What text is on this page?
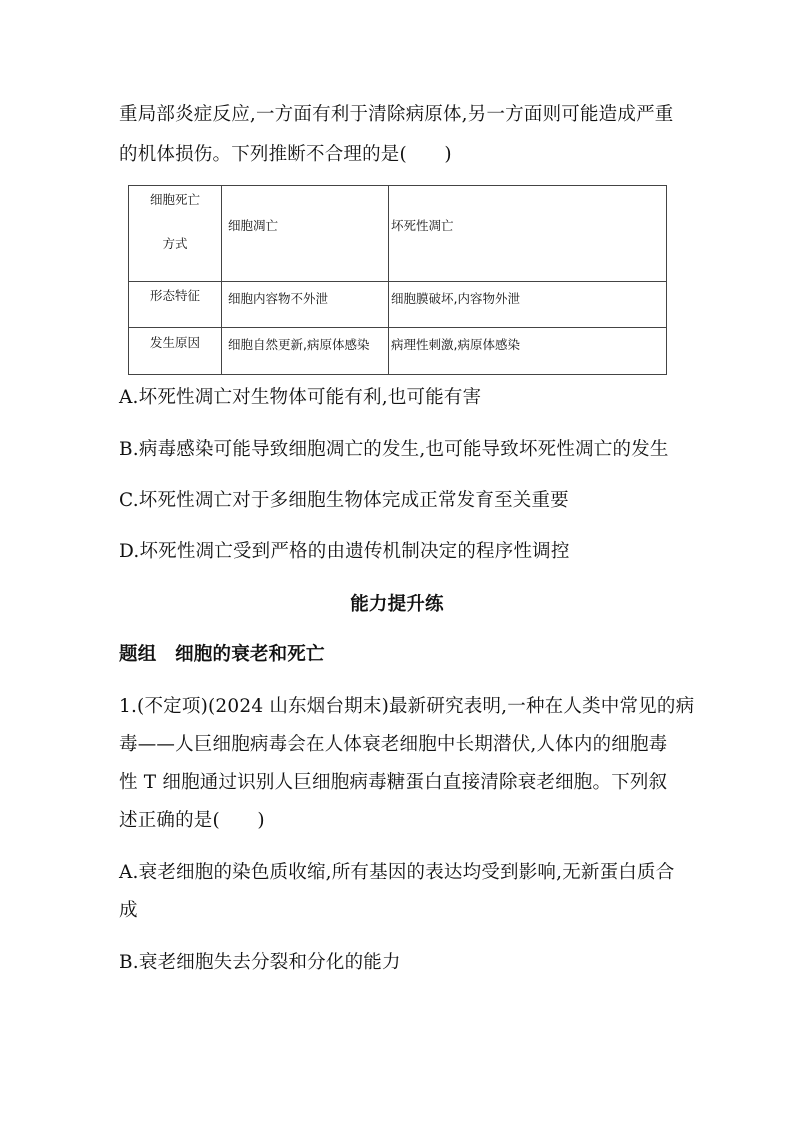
重局部炎症反应,一方面有利于清除病原体,另一方面则可能造成严重
的机体损伤。下列推断不合理的是(　　)
细胞死亡
方式	细胞凋亡	坏死性凋亡

形态特征	细胞内容物不外泄	细胞膜破坏,内容物外泄

发生原因	细胞自然更新,病原体感染	病理性刺激,病原体感染
A.坏死性凋亡对生物体可能有利,也可能有害
B.病毒感染可能导致细胞凋亡的发生,也可能导致坏死性凋亡的发生
C.坏死性凋亡对于多细胞生物体完成正常发育至关重要
D.坏死性凋亡受到严格的由遗传机制决定的程序性调控
能力提升练
题组　细胞的衰老和死亡
1.(不定项)(2024 山东烟台期末)最新研究表明,一种在人类中常见的病
毒——人巨细胞病毒会在人体衰老细胞中长期潜伏,人体内的细胞毒
性 T 细胞通过识别人巨细胞病毒糖蛋白直接清除衰老细胞。下列叙
述正确的是(　　)
A.衰老细胞的染色质收缩,所有基因的表达均受到影响,无新蛋白质合
成
B.衰老细胞失去分裂和分化的能力
